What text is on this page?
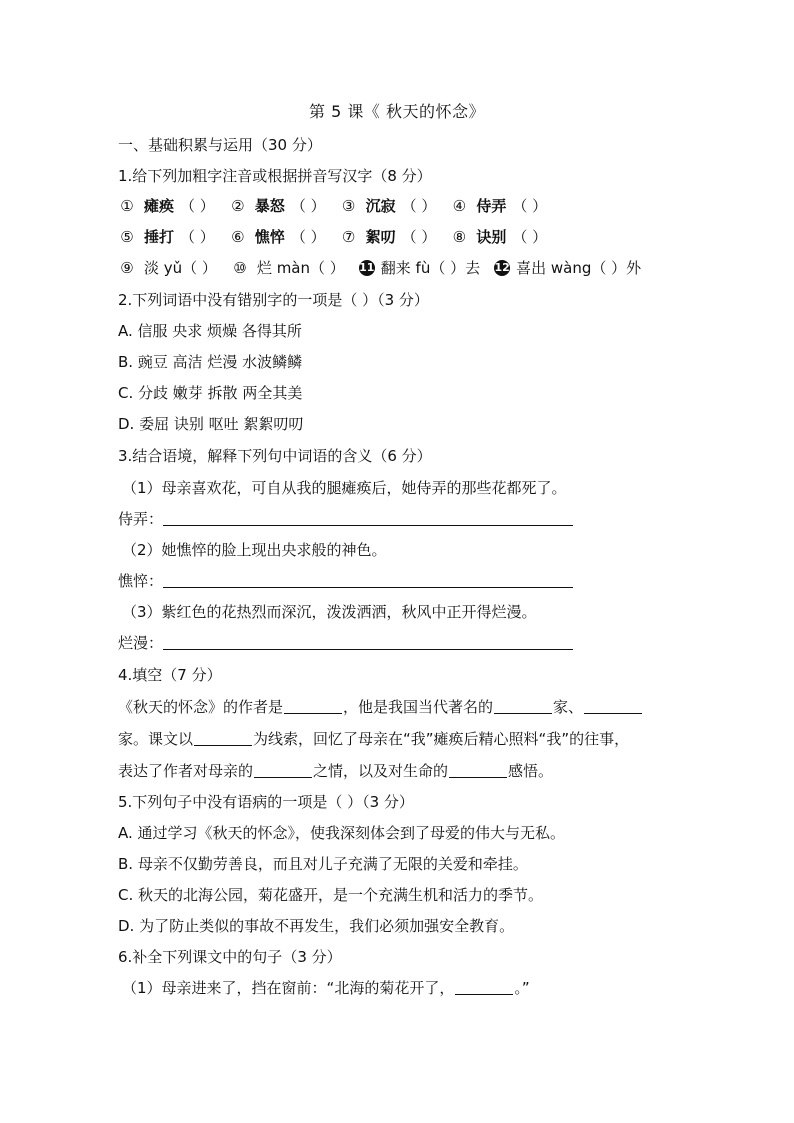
第 5 课《 秋天的怀念》
一、基础积累与运用（30 分）
1.给下列加粗字注音或根据拼音写汉字（8 分）
① 瘫痪 （ ） ② 暴怒 （ ） ③ 沉寂 （ ） ④ 侍弄 （ ）
⑤ 捶打 （ ） ⑥ 憔悴 （ ） ⑦ 絮叨 （ ） ⑧ 诀别 （ ）
⑨ 淡 yǔ（ ） ⑩ 烂 màn（ ） 11 翻来 fù（ ）去 12 喜出 wàng（ ）外
2.下列词语中没有错别字的一项是（ ）（3 分）
A. 信服 央求 烦燥 各得其所
B. 豌豆 高洁 烂漫 水波鳞鳞
C. 分歧 嫩芽 拆散 两全其美
D. 委屈 诀别 呕吐 絮絮叨叨
3.结合语境，解释下列句中词语的含义（6 分）
（1）母亲喜欢花，可自从我的腿瘫痪后，她侍弄的那些花都死了。
侍弄：
（2）她憔悴的脸上现出央求般的神色。
憔悴：
（3）紫红色的花热烈而深沉，泼泼洒洒，秋风中正开得烂漫。
烂漫：
4.填空（7 分）
《秋天的怀念》的作者是	，他是我国当代著名的	家、
家。课文以	为线索，回忆了母亲在“我”瘫痪后精心照料“我”的往事，
表达了作者对母亲的	之情，以及对生命的	感悟。
5.下列句子中没有语病的一项是（ ）（3 分）
A. 通过学习《秋天的怀念》，使我深刻体会到了母爱的伟大与无私。
B. 母亲不仅勤劳善良，而且对儿子充满了无限的关爱和牵挂。
C. 秋天的北海公园，菊花盛开，是一个充满生机和活力的季节。
D. 为了防止类似的事故不再发生，我们必须加强安全教育。
6.补全下列课文中的句子（3 分）
（1）母亲进来了，挡在窗前：“北海的菊花开了，	。”
